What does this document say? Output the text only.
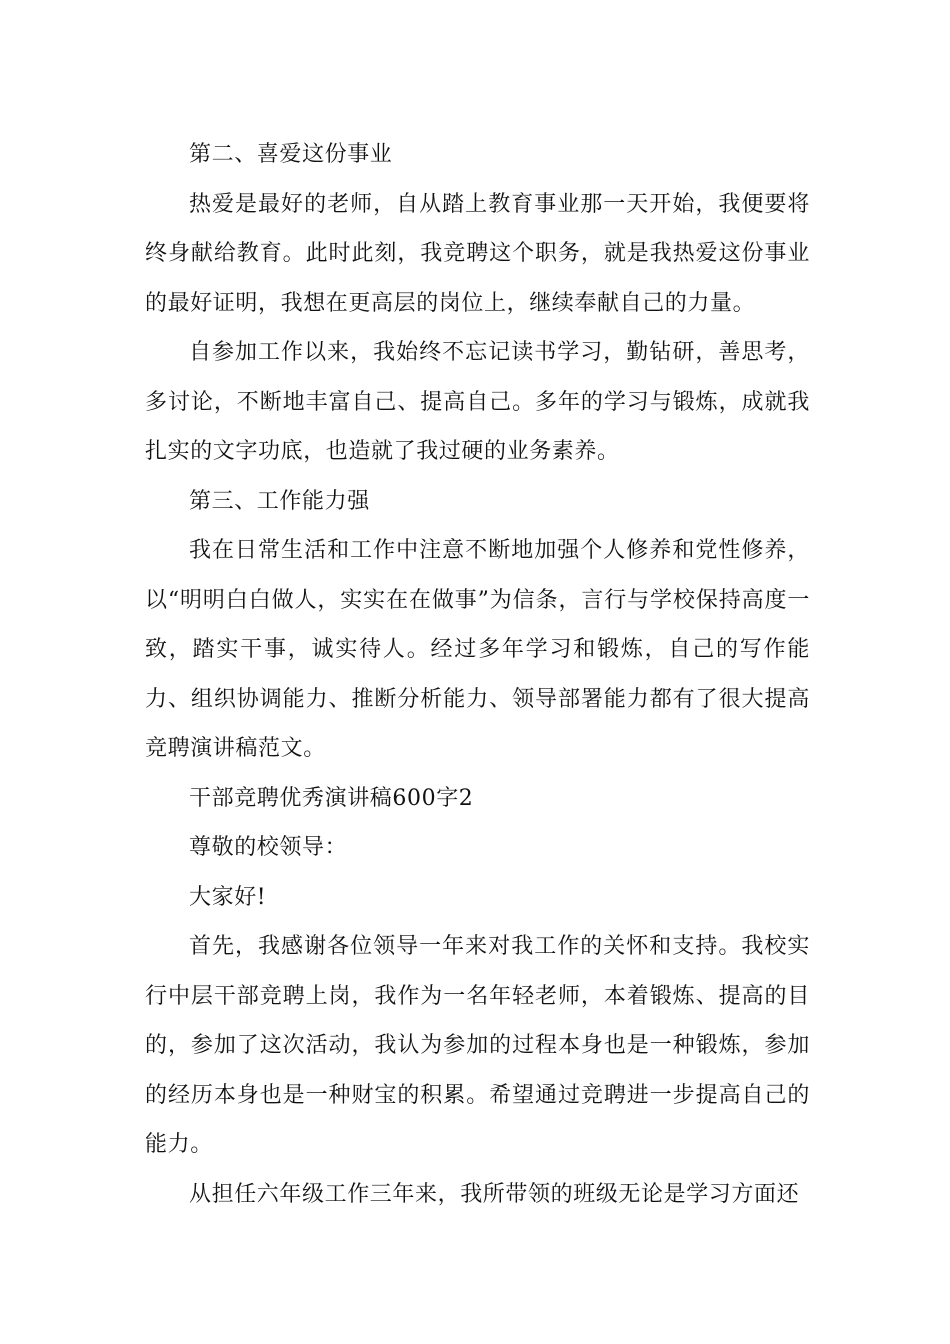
第二、喜爱这份事业

热爱是最好的老师，自从踏上教育事业那一天开始，我便要将终身献给教育。此时此刻，我竞聘这个职务，就是我热爱这份事业的最好证明，我想在更高层的岗位上，继续奉献自己的力量。

自参加工作以来，我始终不忘记读书学习，勤钻研，善思考，多讨论，不断地丰富自己、提高自己。多年的学习与锻炼，成就我扎实的文字功底，也造就了我过硬的业务素养。

第三、工作能力强

我在日常生活和工作中注意不断地加强个人修养和党性修养，以“明明白白做人，实实在在做事”为信条，言行与学校保持高度一致，踏实干事，诚实待人。经过多年学习和锻炼，自己的写作能力、组织协调能力、推断分析能力、领导部署能力都有了很大提高竞聘演讲稿范文。

干部竞聘优秀演讲稿600字2

尊敬的校领导：

大家好!

首先，我感谢各位领导一年来对我工作的关怀和支持。我校实行中层干部竞聘上岗，我作为一名年轻老师，本着锻炼、提高的目的，参加了这次活动，我认为参加的过程本身也是一种锻炼，参加的经历本身也是一种财宝的积累。希望通过竞聘进一步提高自己的能力。

从担任六年级工作三年来，我所带领的班级无论是学习方面还
